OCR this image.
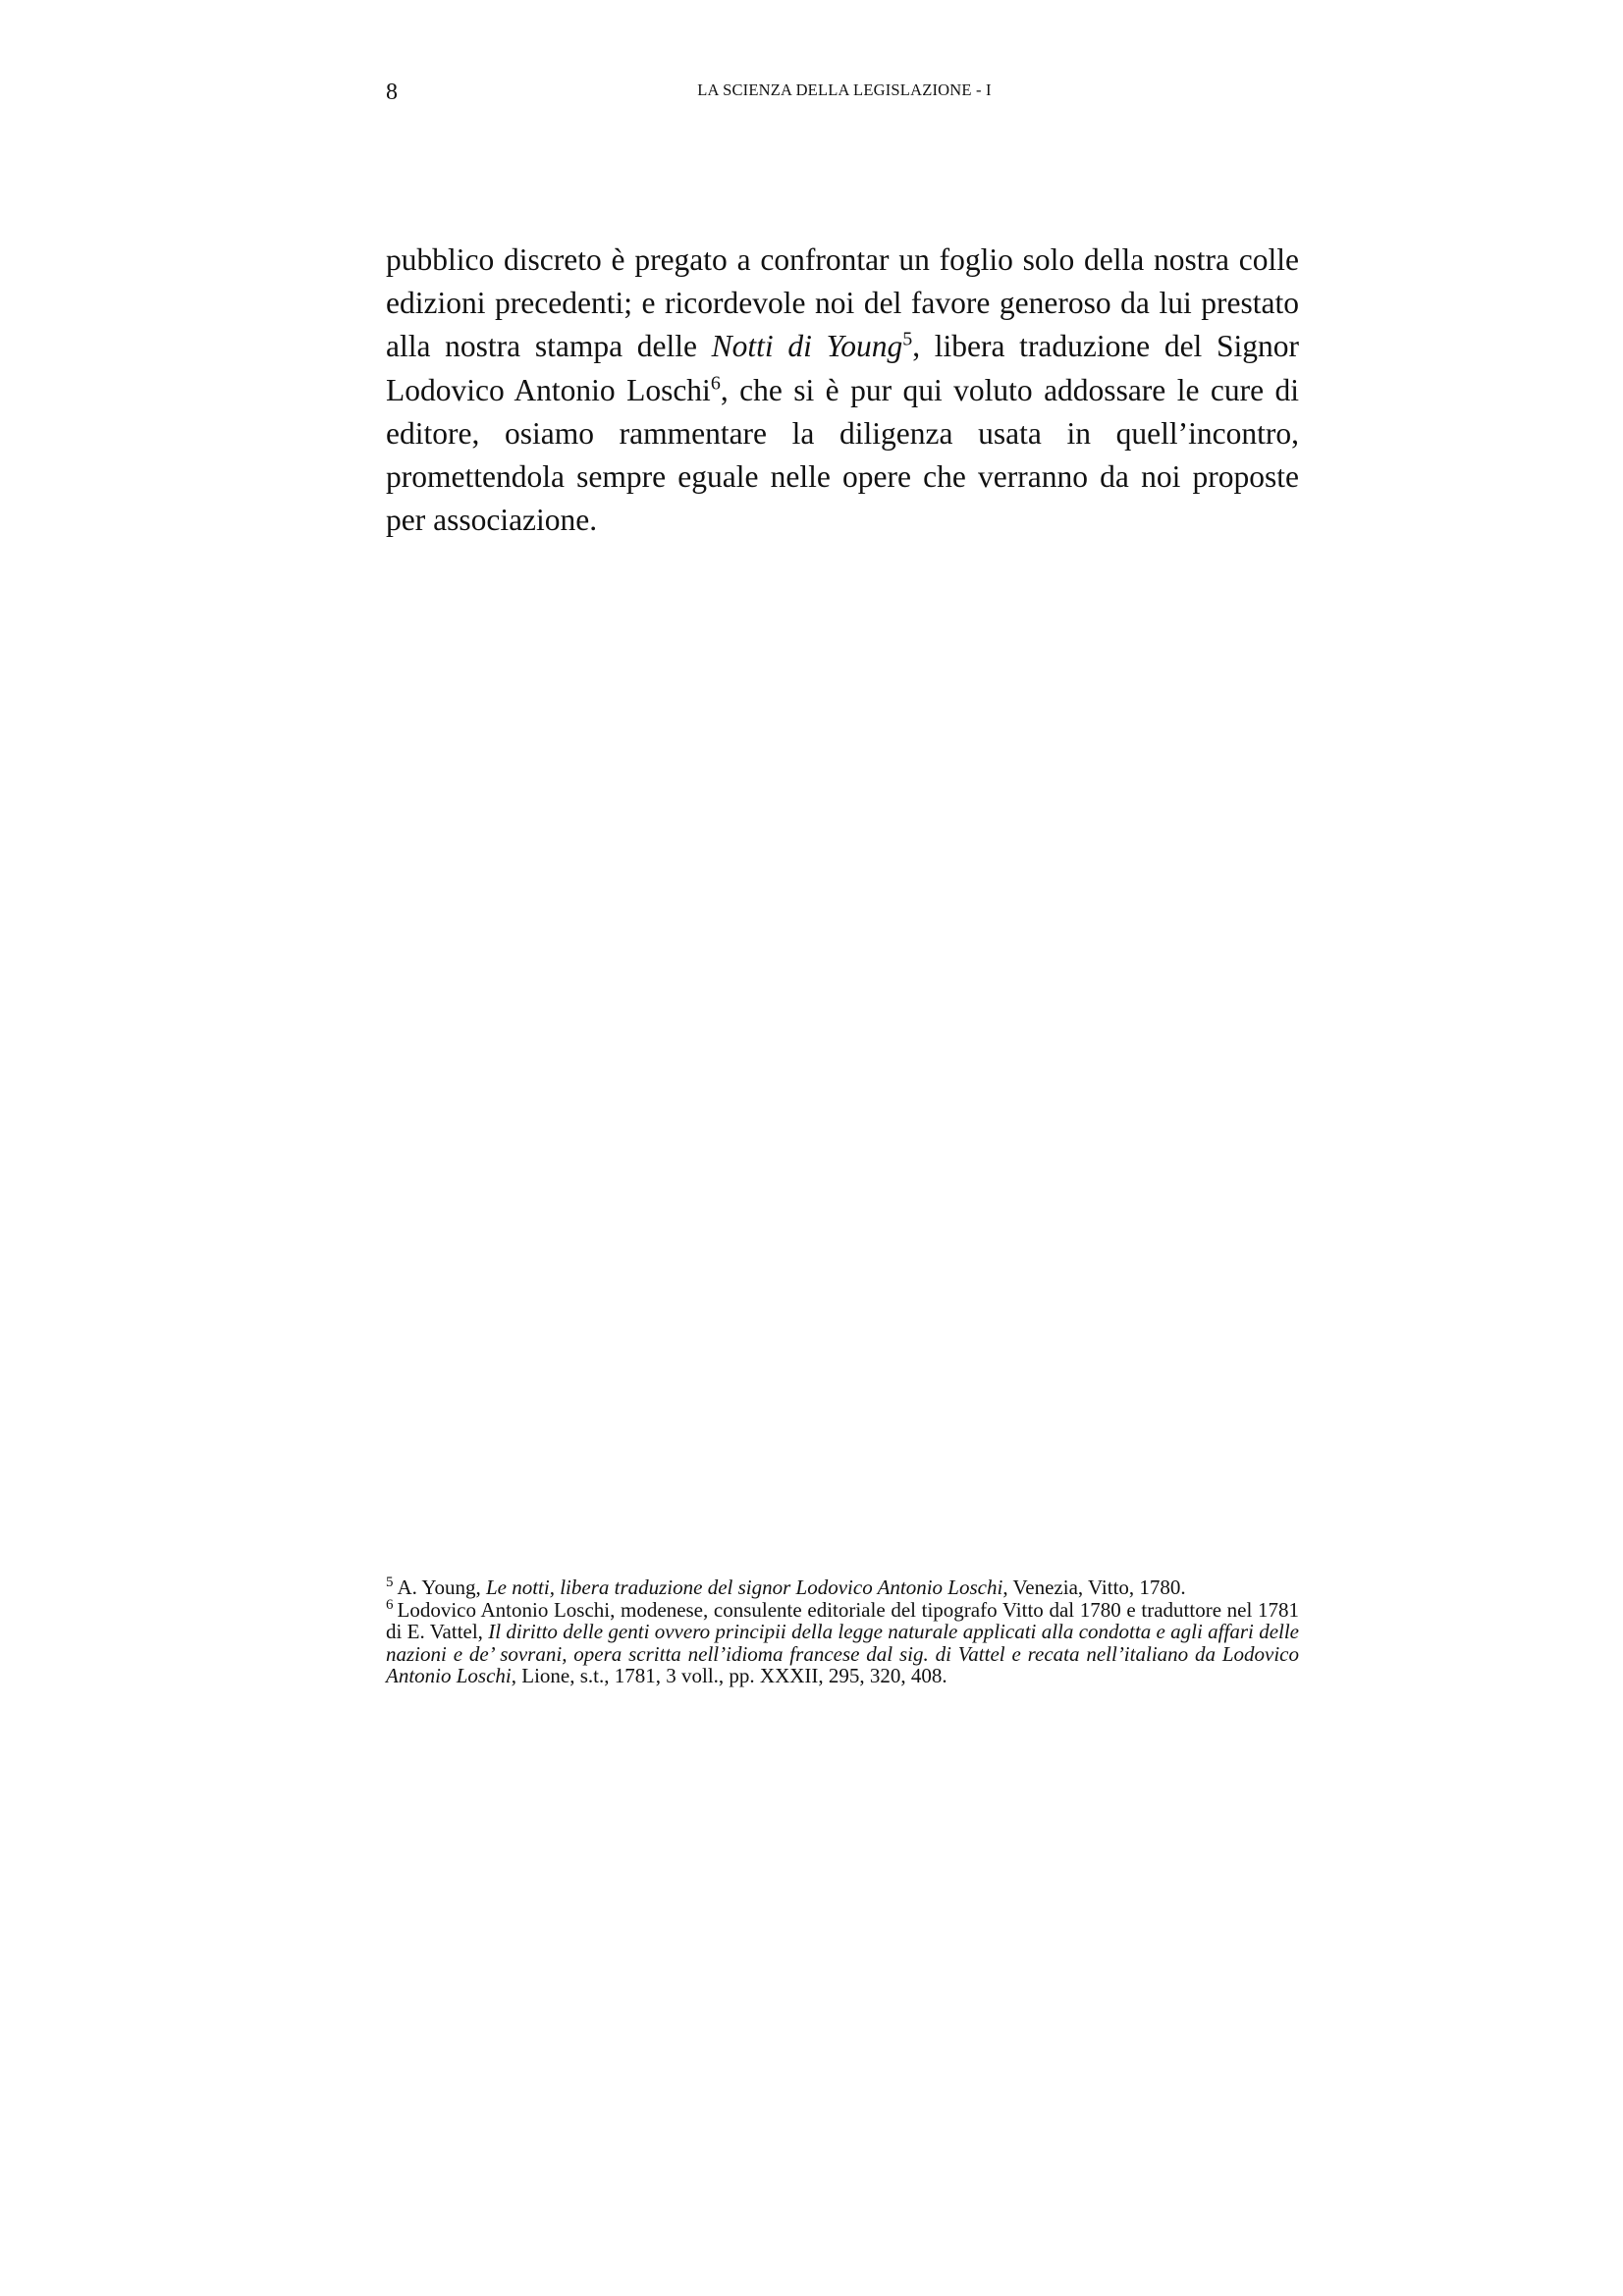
8	LA SCIENZA DELLA LEGISLAZIONE - I

pubblico discreto è pregato a confrontar un foglio solo della nostra colle edizioni precedenti; e ricordevole noi del favore generoso da lui prestato alla nostra stampa delle Notti di Young$^5$, libera traduzione del Signor Lodovico Antonio Loschi$^6$, che si è pur qui voluto addossare le cure di editore, osiamo rammentare la diligenza usata in quell’incontro, promettendola sempre eguale nelle opere che verranno da noi proposte per associazione.

$^5$ A. Young, Le notti, libera traduzione del signor Lodovico Antonio Loschi, Venezia, Vitto, 1780.

$^6$ Lodovico Antonio Loschi, modenese, consulente editoriale del tipografo Vitto dal 1780 e traduttore nel 1781 di E. Vattel, Il diritto delle genti ovvero principii della legge naturale applicati alla condotta e agli affari delle nazioni e de’ sovrani, opera scritta nell’idioma francese dal sig. di Vattel e recata nell’italiano da Lodovico Antonio Loschi, Lione, s.t., 1781, 3 voll., pp. XXXII, 295, 320, 408.
